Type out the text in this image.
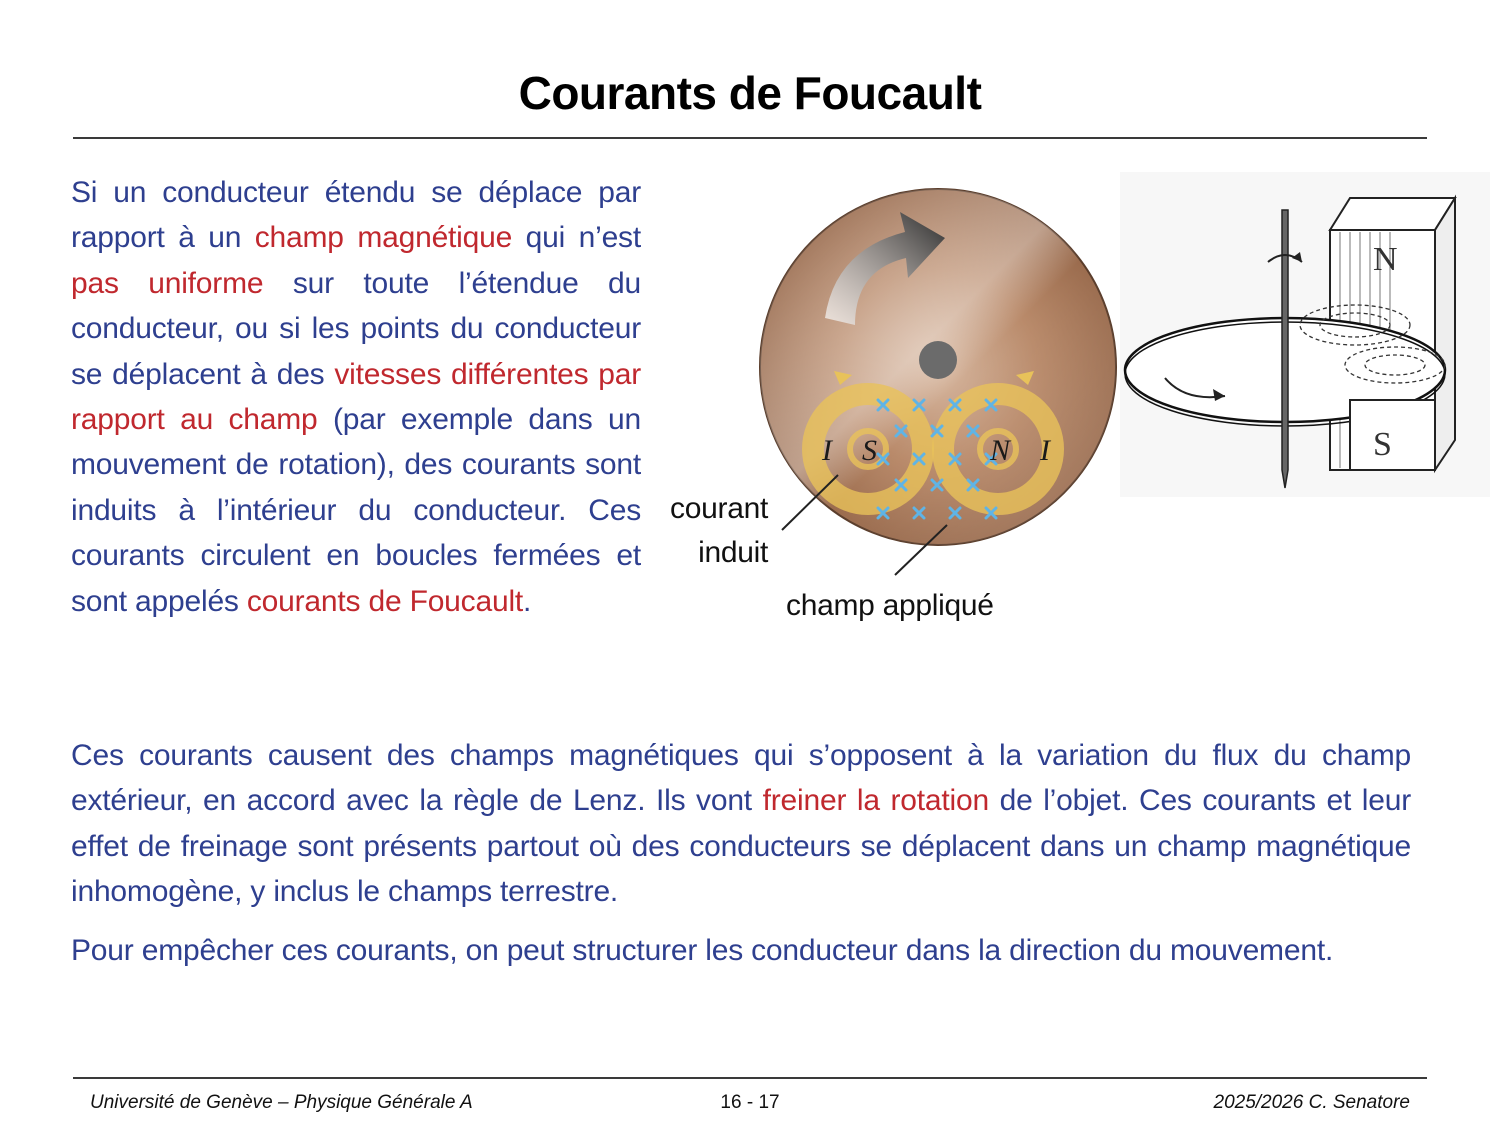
Courants de Foucault

Si un conducteur étendu se déplace par rapport à un champ magnétique qui n’est pas uniforme sur toute l’étendue du conducteur, ou si les points du conducteur se déplacent à des vitesses différentes par rapport au champ (par exemple dans un mouvement de rotation), des courants sont induits à l’intérieur du conducteur. Ces courants circulent en boucles fermées et sont appelés courants de Foucault.

I S	N I
N
S
courant
induit
champ appliqué

Ces courants causent des champs magnétiques qui s’opposent à la variation du flux du champ extérieur, en accord avec la règle de Lenz. Ils vont freiner la rotation de l’objet. Ces courants et leur effet de freinage sont présents partout où des conducteurs se déplacent dans un champ magnétique inhomogène, y inclus le champs terrestre.

Pour empêcher ces courants, on peut structurer les conducteur dans la direction du mouvement.

Université de Genève – Physique Générale A	16 - 17	2025/2026 C. Senatore
